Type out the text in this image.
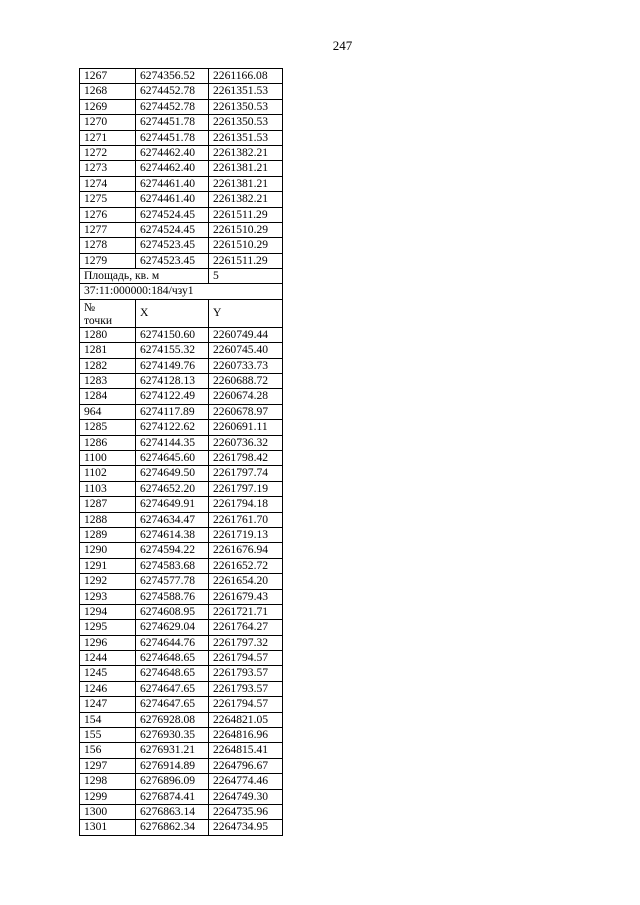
247
1267	6274356.52	2261166.08
1268	6274452.78	2261351.53
1269	6274452.78	2261350.53
1270	6274451.78	2261350.53
1271	6274451.78	2261351.53
1272	6274462.40	2261382.21
1273	6274462.40	2261381.21
1274	6274461.40	2261381.21
1275	6274461.40	2261382.21
1276	6274524.45	2261511.29
1277	6274524.45	2261510.29
1278	6274523.45	2261510.29
1279	6274523.45	2261511.29
Площадь, кв. м		5
37:11:000000:184/чзу1		

№
точки	X	Y
1280	6274150.60	2260749.44
1281	6274155.32	2260745.40
1282	6274149.76	2260733.73
1283	6274128.13	2260688.72
1284	6274122.49	2260674.28
964	6274117.89	2260678.97
1285	6274122.62	2260691.11
1286	6274144.35	2260736.32
1100	6274645.60	2261798.42
1102	6274649.50	2261797.74
1103	6274652.20	2261797.19
1287	6274649.91	2261794.18
1288	6274634.47	2261761.70
1289	6274614.38	2261719.13
1290	6274594.22	2261676.94
1291	6274583.68	2261652.72
1292	6274577.78	2261654.20
1293	6274588.76	2261679.43
1294	6274608.95	2261721.71
1295	6274629.04	2261764.27
1296	6274644.76	2261797.32
1244	6274648.65	2261794.57
1245	6274648.65	2261793.57
1246	6274647.65	2261793.57
1247	6274647.65	2261794.57
154	6276928.08	2264821.05
155	6276930.35	2264816.96
156	6276931.21	2264815.41
1297	6276914.89	2264796.67
1298	6276896.09	2264774.46
1299	6276874.41	2264749.30
1300	6276863.14	2264735.96
1301	6276862.34	2264734.95
